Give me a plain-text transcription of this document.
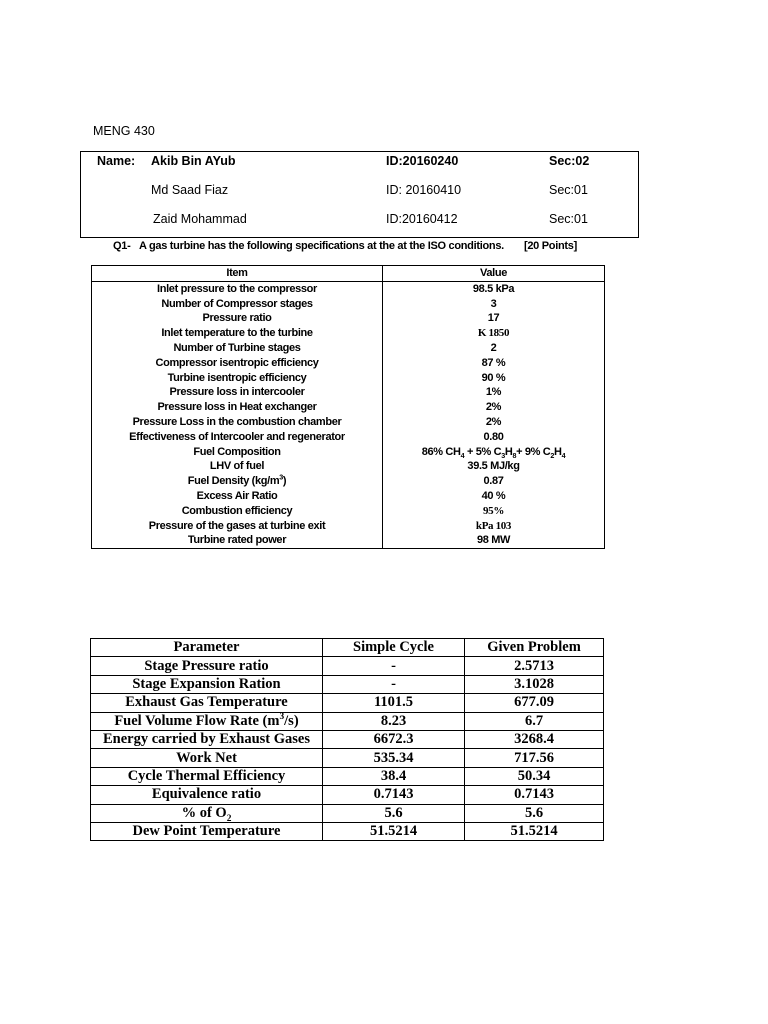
MENG 430
Name: Akib Bin AYub	ID:20160240	Sec:02
Md Saad Fiaz	ID: 20160410	Sec:01
Zaid Mohammad	ID:20160412	Sec:01
Q1- A gas turbine has the following specifications at the at the ISO conditions. [20 Points]
Item	Value
Inlet pressure to the compressor	98.5 kPa
Number of Compressor stages	3
Pressure ratio	17
Inlet temperature to the turbine	K 1850
Number of Turbine stages	2
Compressor isentropic efficiency	87 %
Turbine isentropic efficiency	90 %
Pressure loss in intercooler	1%
Pressure loss in Heat exchanger	2%
Pressure Loss in the combustion chamber	2%
Effectiveness of Intercooler and regenerator	0.80
Fuel Composition	86% $CH_4 + 5\%$ $C_3H_8+ 9\%$ $C_2H_4$
LHV of fuel	39.5 MJ/kg
Fuel Density $(kg/m^3)$	0.87
Excess Air Ratio	40 %
Combustion efficiency	95%
Pressure of the gases at turbine exit	kPa 103
Turbine rated power	98 MW
Parameter	Simple Cycle	Given Problem
Stage Pressure ratio	-	2.5713
Stage Expansion Ration	-	3.1028
Exhaust Gas Temperature	1101.5	677.09
Fuel Volume Flow Rate $(m^3/s)$	8.23	6.7
Energy carried by Exhaust Gases	6672.3	3268.4
Work Net	535.34	717.56
Cycle Thermal Efficiency	38.4	50.34
Equivalence ratio	0.7143	0.7143
% of $O_2$	5.6	5.6
Dew Point Temperature	51.5214	51.5214
